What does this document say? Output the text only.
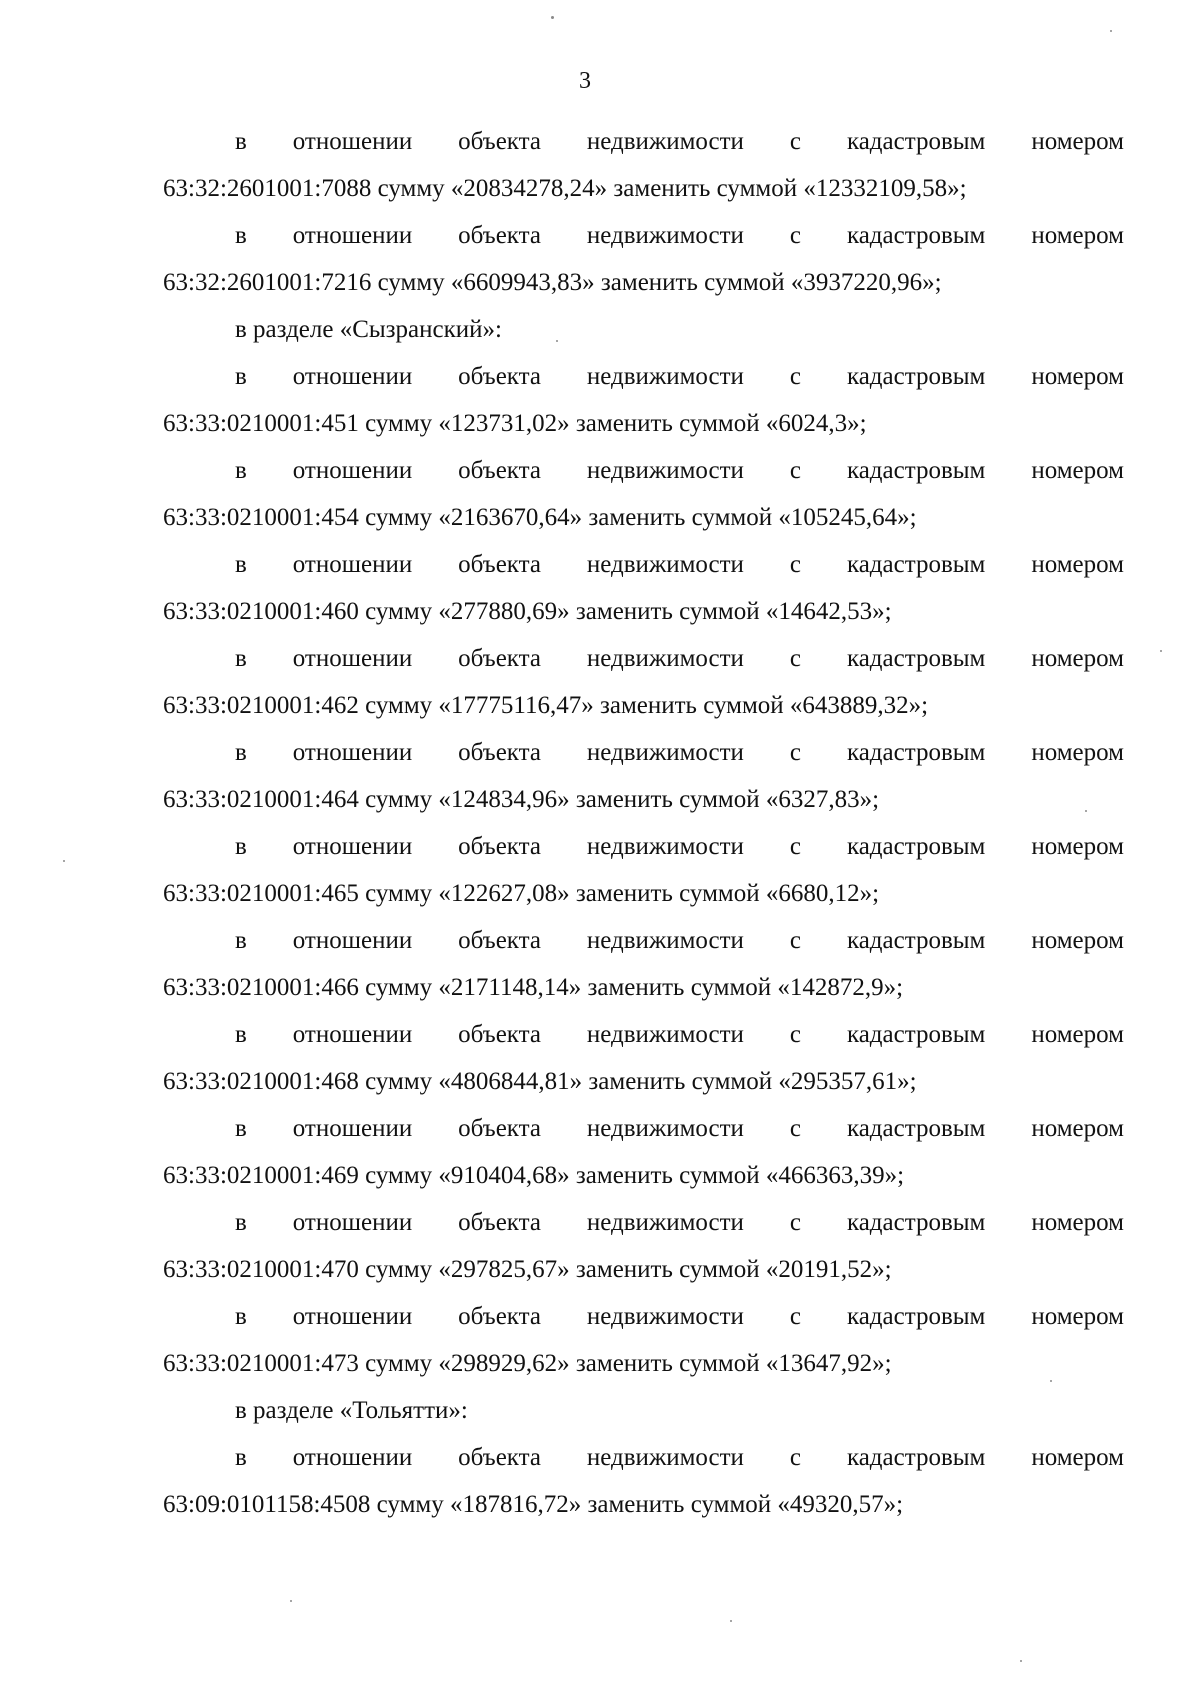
3
в отношении объекта недвижимости с кадастровым номером
63:32:2601001:7088 сумму «20834278,24» заменить суммой «12332109,58»;
в отношении объекта недвижимости с кадастровым номером
63:32:2601001:7216 сумму «6609943,83» заменить суммой «3937220,96»;
в разделе «Сызранский»:
в отношении объекта недвижимости с кадастровым номером
63:33:0210001:451 сумму «123731,02» заменить суммой «6024,3»;
в отношении объекта недвижимости с кадастровым номером
63:33:0210001:454 сумму «2163670,64» заменить суммой «105245,64»;
в отношении объекта недвижимости с кадастровым номером
63:33:0210001:460 сумму «277880,69» заменить суммой «14642,53»;
в отношении объекта недвижимости с кадастровым номером
63:33:0210001:462 сумму «17775116,47» заменить суммой «643889,32»;
в отношении объекта недвижимости с кадастровым номером
63:33:0210001:464 сумму «124834,96» заменить суммой «6327,83»;
в отношении объекта недвижимости с кадастровым номером
63:33:0210001:465 сумму «122627,08» заменить суммой «6680,12»;
в отношении объекта недвижимости с кадастровым номером
63:33:0210001:466 сумму «2171148,14» заменить суммой «142872,9»;
в отношении объекта недвижимости с кадастровым номером
63:33:0210001:468 сумму «4806844,81» заменить суммой «295357,61»;
в отношении объекта недвижимости с кадастровым номером
63:33:0210001:469 сумму «910404,68» заменить суммой «466363,39»;
в отношении объекта недвижимости с кадастровым номером
63:33:0210001:470 сумму «297825,67» заменить суммой «20191,52»;
в отношении объекта недвижимости с кадастровым номером
63:33:0210001:473 сумму «298929,62» заменить суммой «13647,92»;
в разделе «Тольятти»:
в отношении объекта недвижимости с кадастровым номером
63:09:0101158:4508 сумму «187816,72» заменить суммой «49320,57»;
